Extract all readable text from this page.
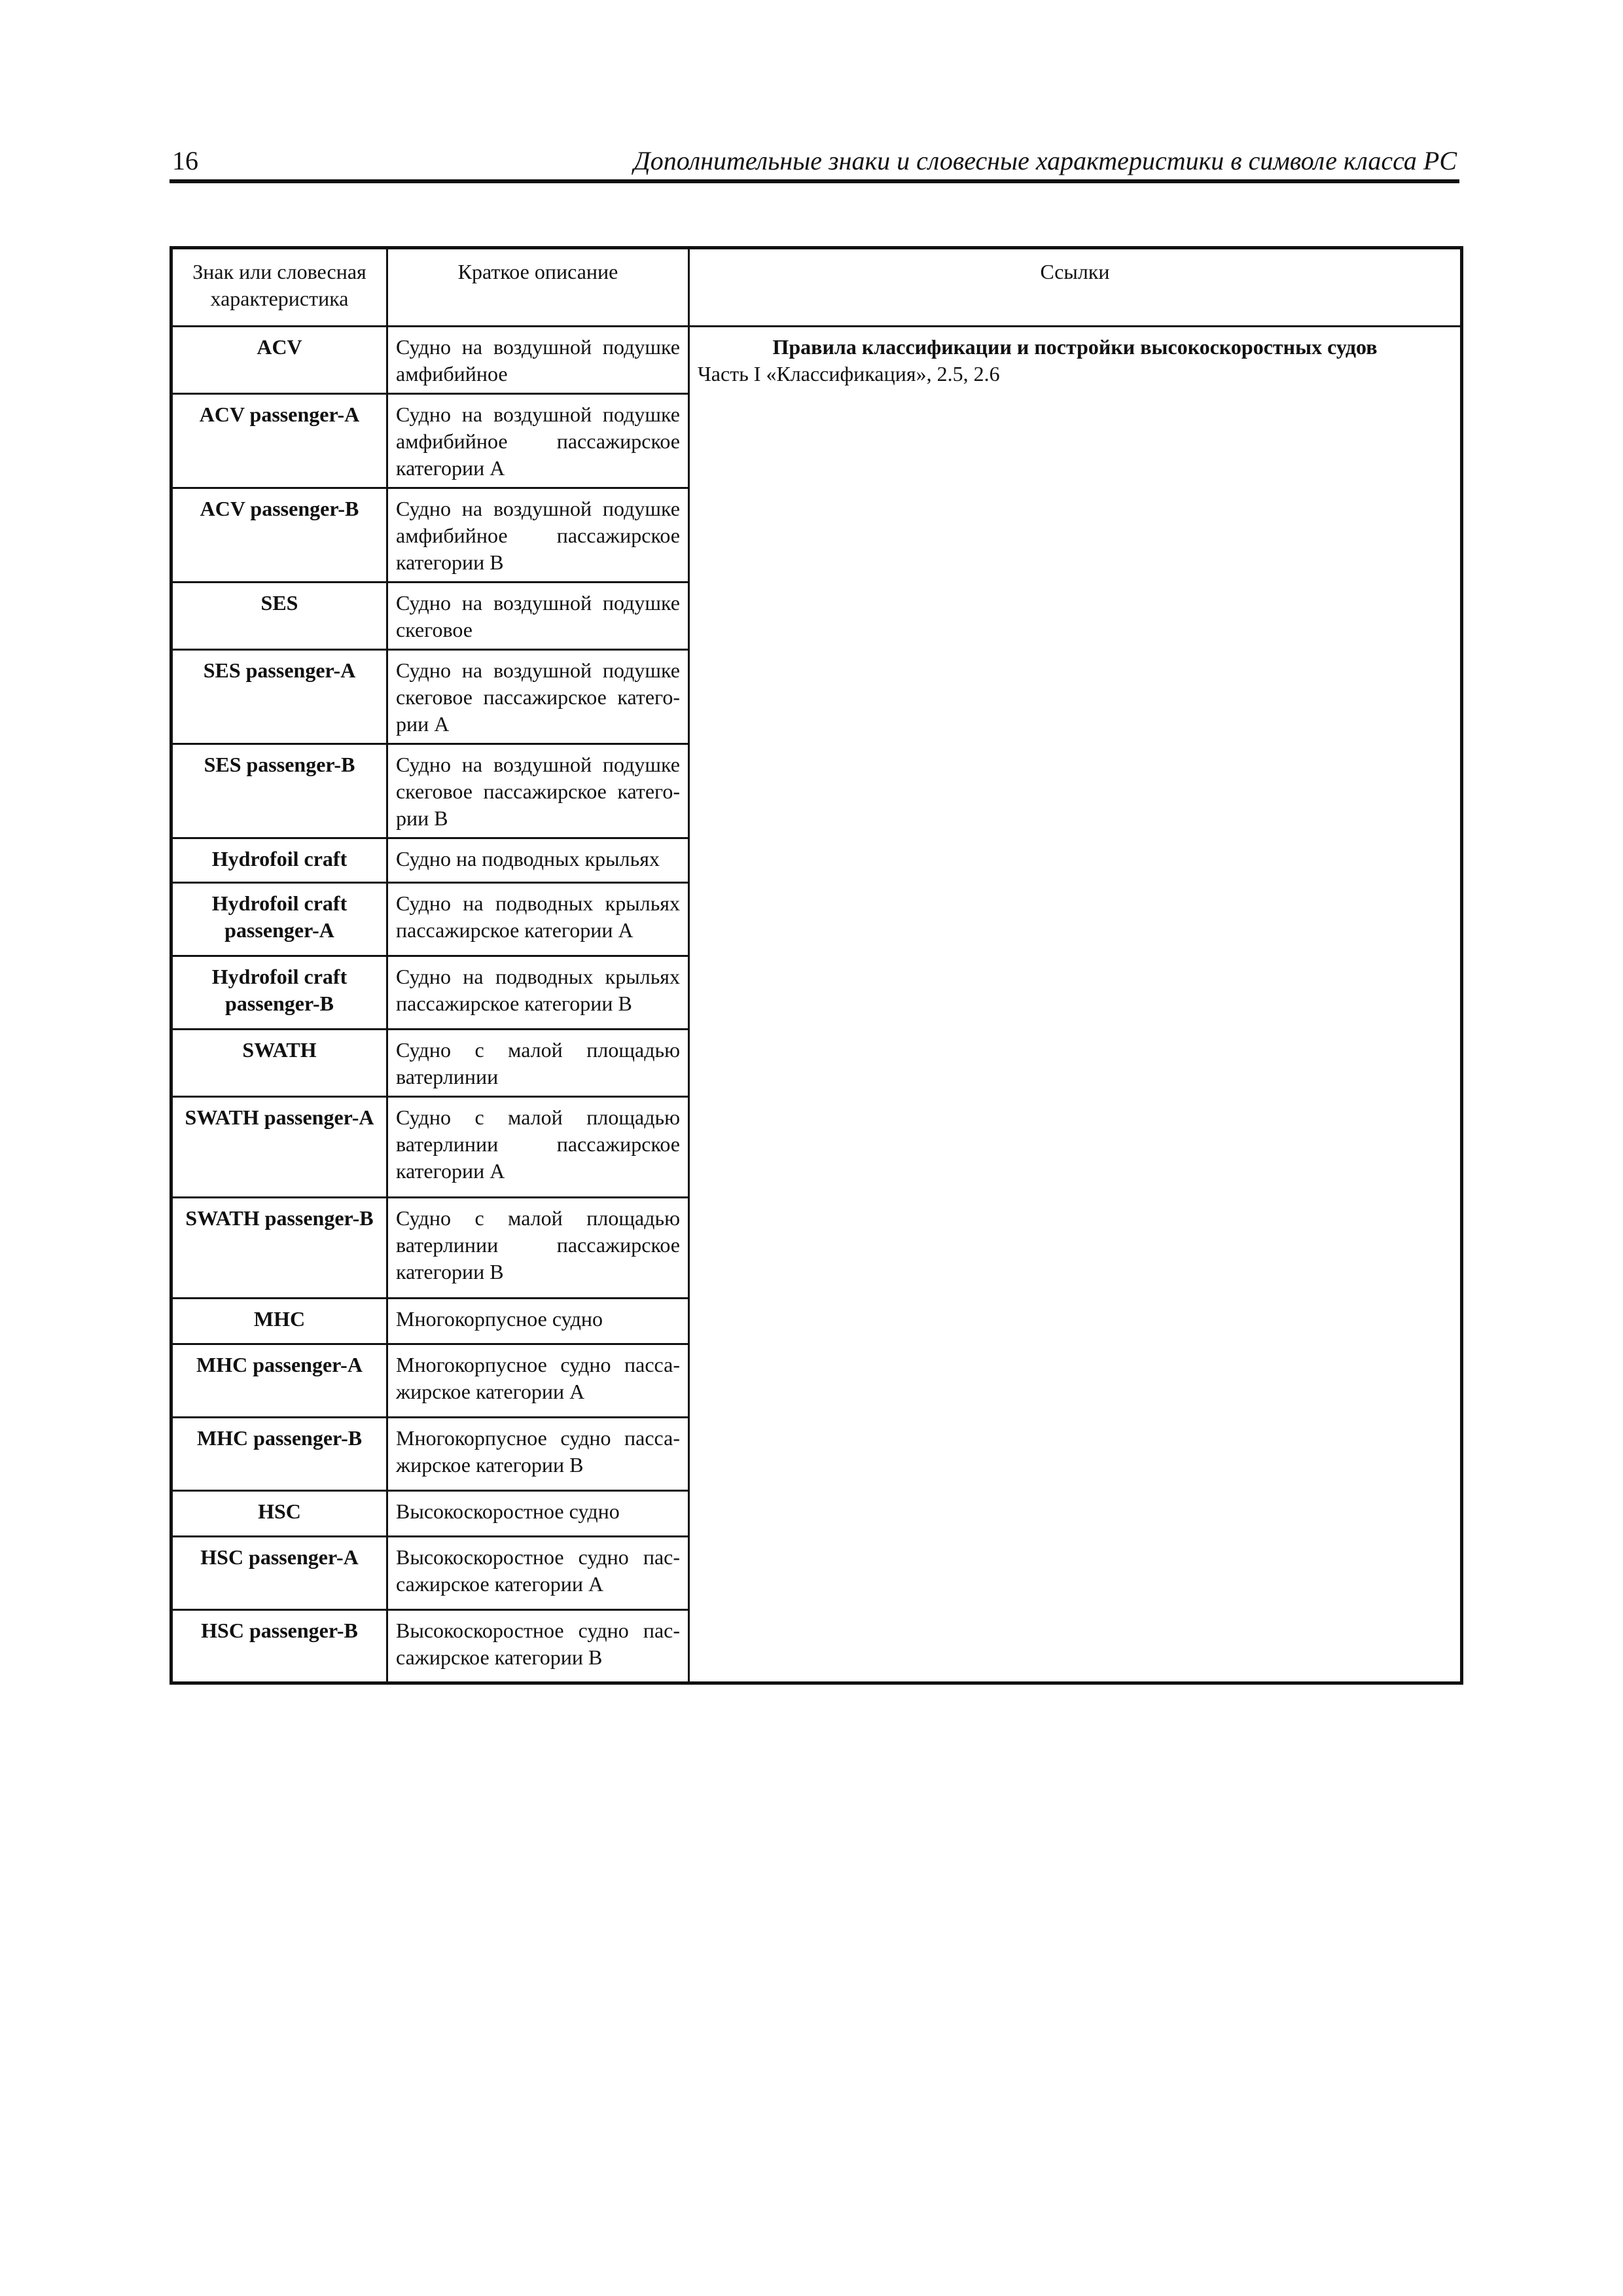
16	Дополнительные знаки и словесные характеристики в символе класса РС
Знак или словесная характеристика	Краткое описание	Ссылки
ACV	Судно на воздушной подушке амфибийное	Правила классификации и постройки высокоскоростных судов
Часть I «Классификация», 2.5, 2.6

ACV passenger-A	Судно на воздушной подушке амфибийное пассажирское категории А	
ACV passenger-B	Судно на воздушной подушке амфибийное пассажирское категории В	
SES	Судно на воздушной подушке скеговое	
SES passenger-A	Судно на воздушной подушке скеговое пассажирское категории А	
SES passenger-B	Судно на воздушной подушке скеговое пассажирское категории В	
Hydrofoil craft	Судно на подводных крыльях	
Hydrofoil craft passenger-A	Судно на подводных крыльях пассажирское категории А	
Hydrofoil craft passenger-B	Судно на подводных крыльях пассажирское категории В	
SWATH	Судно с малой площадью ватерлинии	
SWATH passenger-A	Судно с малой площадью ватерлинии пассажирское категории А	
SWATH passenger-B	Судно с малой площадью ватерлинии пассажирское категории В	
MHC	Многокорпусное судно	
MHC passenger-A	Многокорпусное судно пассажирское категории А	
MHC passenger-B	Многокорпусное судно пассажирское категории В	
HSC	Высокоскоростное судно	
HSC passenger-A	Высокоскоростное судно пассажирское категории А	
HSC passenger-B	Высокоскоростное судно пассажирское категории В	
